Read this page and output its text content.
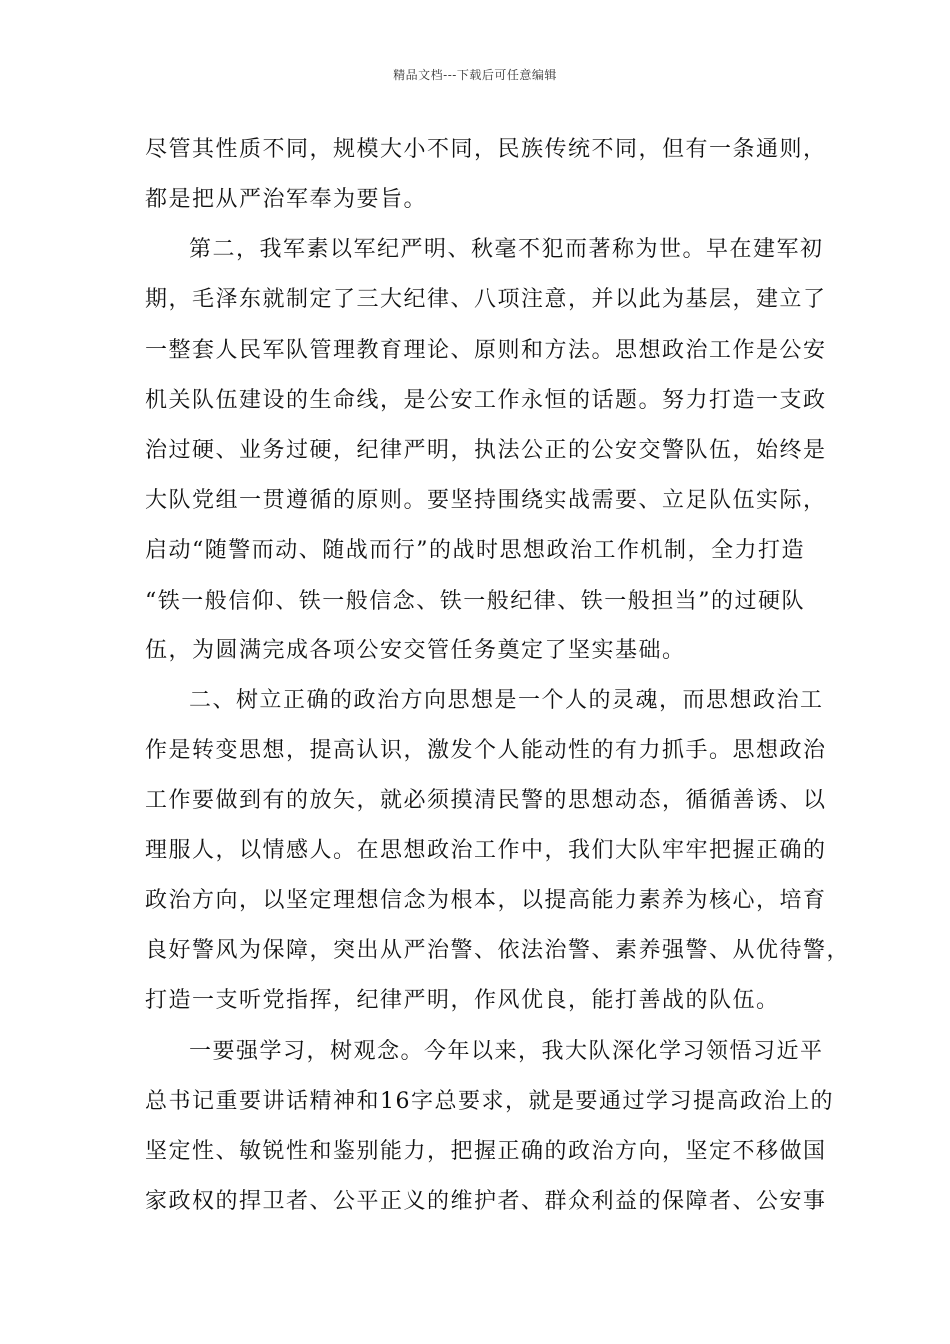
精品文档---下载后可任意编辑
尽管其性质不同，规模大小不同，民族传统不同，但有一条通则，
都是把从严治军奉为要旨。
第二，我军素以军纪严明、秋毫不犯而著称为世。早在建军初
期，毛泽东就制定了三大纪律、八项注意，并以此为基层，建立了
一整套人民军队管理教育理论、原则和方法。思想政治工作是公安
机关队伍建设的生命线，是公安工作永恒的话题。努力打造一支政
治过硬、业务过硬，纪律严明，执法公正的公安交警队伍，始终是
大队党组一贯遵循的原则。要坚持围绕实战需要、立足队伍实际，
启动“随警而动、随战而行”的战时思想政治工作机制，全力打造
“铁一般信仰、铁一般信念、铁一般纪律、铁一般担当”的过硬队
伍，为圆满完成各项公安交管任务奠定了坚实基础。
二、树立正确的政治方向思想是一个人的灵魂，而思想政治工
作是转变思想，提高认识，激发个人能动性的有力抓手。思想政治
工作要做到有的放矢，就必须摸清民警的思想动态，循循善诱、以
理服人，以情感人。在思想政治工作中，我们大队牢牢把握正确的
政治方向，以坚定理想信念为根本，以提高能力素养为核心，培育
良好警风为保障，突出从严治警、依法治警、素养强警、从优待警，
打造一支听党指挥，纪律严明，作风优良，能打善战的队伍。
一要强学习，树观念。今年以来，我大队深化学习领悟习近平
总书记重要讲话精神和16字总要求，就是要通过学习提高政治上的
坚定性、敏锐性和鉴别能力，把握正确的政治方向，坚定不移做国
家政权的捍卫者、公平正义的维护者、群众利益的保障者、公安事
